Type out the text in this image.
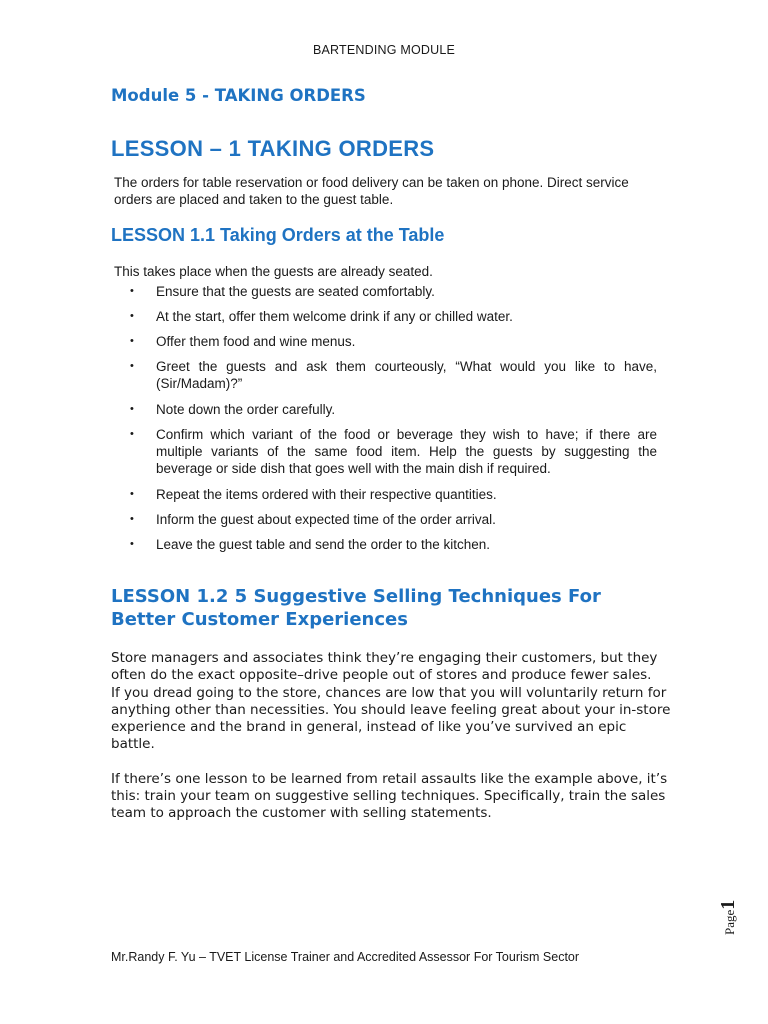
BARTENDING MODULE
Module 5 - TAKING ORDERS
LESSON – 1 TAKING ORDERS
The orders for table reservation or food delivery can be taken on phone. Direct service orders are placed and taken to the guest table.
LESSON 1.1 Taking Orders at the Table
This takes place when the guests are already seated.
• Ensure that the guests are seated comfortably.
• At the start, offer them welcome drink if any or chilled water.
• Offer them food and wine menus.
• Greet the guests and ask them courteously, “What would you like to have, (Sir/Madam)?”
• Note down the order carefully.
• Confirm which variant of the food or beverage they wish to have; if there are multiple variants of the same food item. Help the guests by suggesting the beverage or side dish that goes well with the main dish if required.
• Repeat the items ordered with their respective quantities.
• Inform the guest about expected time of the order arrival.
• Leave the guest table and send the order to the kitchen.
LESSON 1.2 5 Suggestive Selling Techniques For Better Customer Experiences

Store managers and associates think they’re engaging their customers, but they often do the exact opposite–drive people out of stores and produce fewer sales.

If you dread going to the store, chances are low that you will voluntarily return for anything other than necessities. You should leave feeling great about your in-store experience and the brand in general, instead of like you’ve survived an epic battle.

If there’s one lesson to be learned from retail assaults like the example above, it’s this: train your team on suggestive selling techniques. Specifically, train the sales team to approach the customer with selling statements.

Page1
Mr.Randy F. Yu – TVET License Trainer and Accredited Assessor For Tourism Sector
